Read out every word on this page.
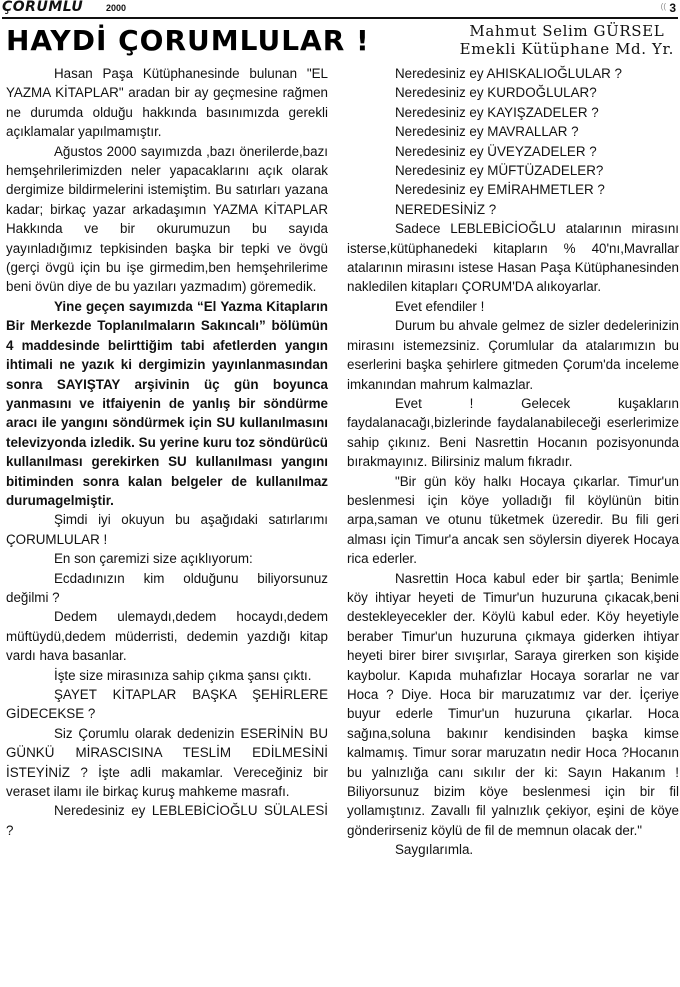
ÇORUMLU	2000	(( 3
HAYDİ ÇORUMLULAR !	Mahmut Selim GÜRSEL
Emekli Kütüphane Md. Yr.

Hasan Paşa Kütüphanesinde bulunan "EL YAZMA KİTAPLAR" aradan bir ay geçmesine rağmen ne durumda olduğu hakkında basınımızda gerekli açıklamalar yapılmamıştır.

Ağustos 2000 sayımızda ,bazı önerilerde,bazı hemşehrilerimizden neler yapacaklarını açık olarak dergimize bildirmelerini istemiştim. Bu satırları yazana kadar; birkaç yazar arkadaşımın YAZMA KİTAPLAR Hakkında ve bir okurumuzun bu sayıda yayınladığımız tepkisinden başka bir tepki ve övgü (gerçi övgü için bu işe girmedim,ben hemşehrilerime beni övün diye de bu yazıları yazmadım) göremedik.

Yine geçen sayımızda “El Yazma Kitapların Bir Merkezde Toplanılmaların Sakıncalı” bölümün 4 maddesinde belirttiğim tabi afetlerden yangın ihtimali ne yazık ki dergimizin yayınlanmasından sonra SAYIŞTAY arşivinin üç gün boyunca yanmasını ve itfaiyenin de yanlış bir söndürme aracı ile yangını söndürmek için SU kullanılmasını televizyonda izledik. Su yerine kuru toz söndürücü kullanılması gerekirken SU kullanılması yangını bitiminden sonra kalan belgeler de kullanılmaz durumagelmiştir.

Şimdi iyi okuyun bu aşağıdaki satırlarımı ÇORUMLULAR !

En son çaremizi size açıklıyorum:

Ecdadınızın kim olduğunu biliyorsunuz değilmi ?

Dedem ulemaydı,dedem hocaydı,dedem müftüydü,dedem müderristi, dedemin yazdığı kitap vardı hava basanlar.

İşte size mirasınıza sahip çıkma şansı çıktı.

ŞAYET KİTAPLAR BAŞKA ŞEHİRLERE GİDECEKSE ?

Siz Çorumlu olarak dedenizin ESERİNİN BU GÜNKÜ MİRASCISINA TESLİM EDİLMESİNİ İSTEYİNİZ ? İşte adli makamlar. Vereceğiniz bir veraset ilamı ile birkaç kuruş mahkeme masrafı.

Neredesiniz ey LEBLEBİCİOĞLU SÜLALESİ ?

Neredesiniz ey AHISKALIOĞLULAR ?

Neredesiniz ey KURDOĞLULAR?

Neredesiniz ey KAYIŞZADELER ?

Neredesiniz ey MAVRALLAR ?

Neredesiniz ey ÜVEYZADELER ?

Neredesiniz ey MÜFTÜZADELER?

Neredesiniz ey EMİRAHMETLER ?

NEREDESİNİZ ?

Sadece LEBLEBİCİOĞLU atalarının mirasını isterse,kütüphanedeki kitapların % 40'nı,Mavrallar atalarının mirasını istese Hasan Paşa Kütüphanesinden nakledilen kitapları ÇORUM'DA alıkoyarlar.

Evet efendiler !

Durum bu ahvale gelmez de sizler dedelerinizin mirasını istemezsiniz. Çorumlular da atalarımızın bu eserlerini başka şehirlere gitmeden Çorum'da inceleme imkanından mahrum kalmazlar.

Evet ! Gelecek kuşakların faydalanacağı,bizlerinde faydalanabileceği eserlerimize sahip çıkınız. Beni Nasrettin Hocanın pozisyonunda bırakmayınız. Bilirsiniz malum fıkradır.

"Bir gün köy halkı Hocaya çıkarlar. Timur'un beslenmesi için köye yolladığı fil köylünün bitin arpa,saman ve otunu tüketmek üzeredir. Bu fili geri alması için Timur'a ancak sen söylersin diyerek Hocaya rica ederler.

Nasrettin Hoca kabul eder bir şartla; Benimle köy ihtiyar heyeti de Timur'un huzuruna çıkacak,beni destekleyecekler der. Köylü kabul eder. Köy heyetiyle beraber Timur'un huzuruna çıkmaya giderken ihtiyar heyeti birer birer sıvışırlar, Saraya girerken son kişide kaybolur. Kapıda muhafızlar Hocaya sorarlar ne var Hoca ? Diye. Hoca bir maruzatımız var der. İçeriye buyur ederle Timur'un huzuruna çıkarlar. Hoca sağına,soluna bakınır kendisinden başka kimse kalmamış. Timur sorar maruzatın nedir Hoca ?Hocanın bu yalnızlığa canı sıkılır der ki: Sayın Hakanım ! Biliyorsunuz bizim köye beslenmesi için bir fil yollamıştınız. Zavallı fil yalnızlık çekiyor, eşini de köye gönderirseniz köylü de fil de memnun olacak der."

Saygılarımla.
